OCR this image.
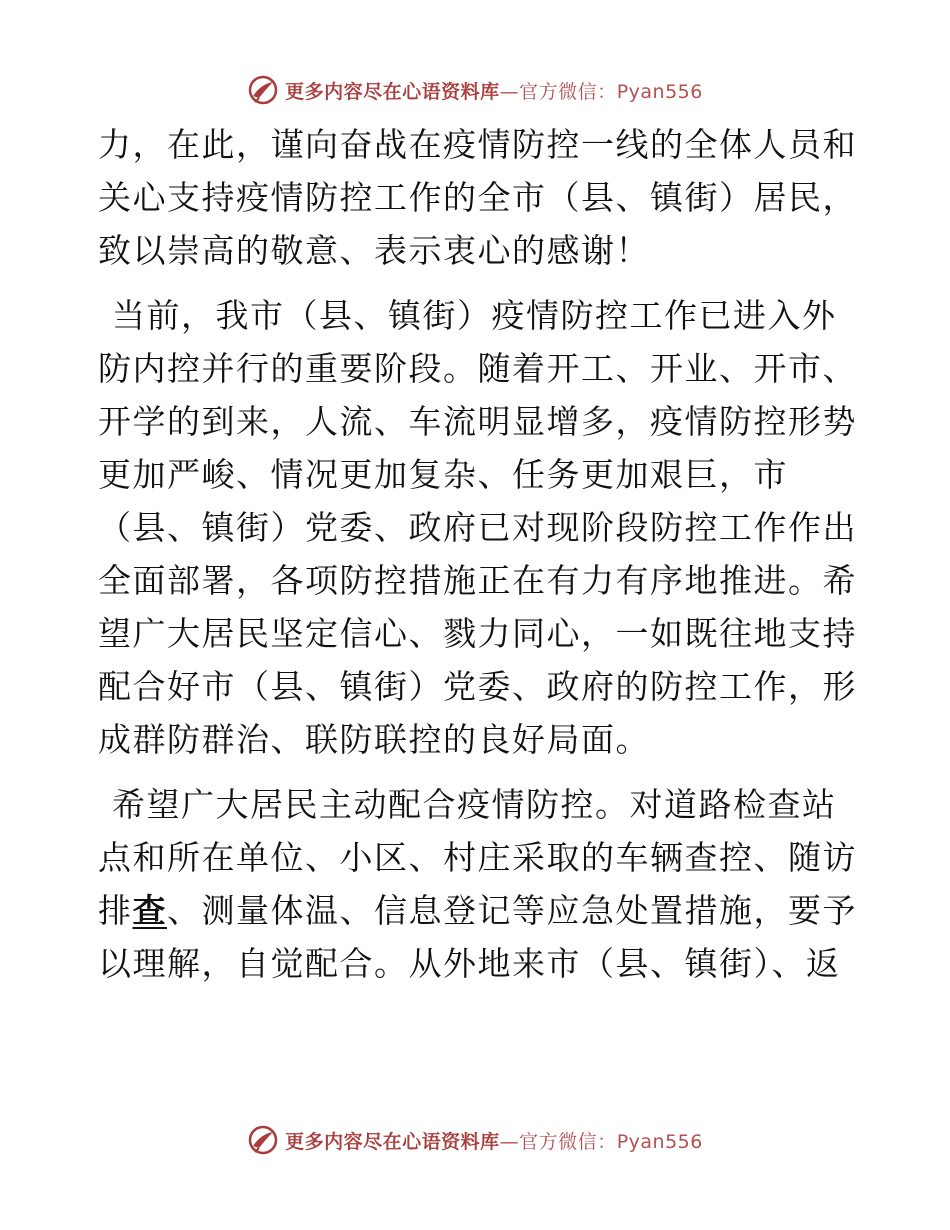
更多内容尽在心语资料库—官方微信：Pyan556
力，在此，谨向奋战在疫情防控一线的全体人员和
关心支持疫情防控工作的全市（县、镇街）居民，
致以崇高的敬意、表示衷心的感谢！
当前，我市（县、镇街）疫情防控工作已进入外
防内控并行的重要阶段。随着开工、开业、开市、
开学的到来，人流、车流明显增多，疫情防控形势
更加严峻、情况更加复杂、任务更加艰巨，市
（县、镇街）党委、政府已对现阶段防控工作作出
全面部署，各项防控措施正在有力有序地推进。希
望广大居民坚定信心、戮力同心，一如既往地支持
配合好市（县、镇街）党委、政府的防控工作，形
成群防群治、联防联控的良好局面。
希望广大居民主动配合疫情防控。对道路检查站
点和所在单位、小区、村庄采取的车辆查控、随访
排查、测量体温、信息登记等应急处置措施，要予
以理解，自觉配合。从外地来市（县、镇街）、返
更多内容尽在心语资料库—官方微信：Pyan556
